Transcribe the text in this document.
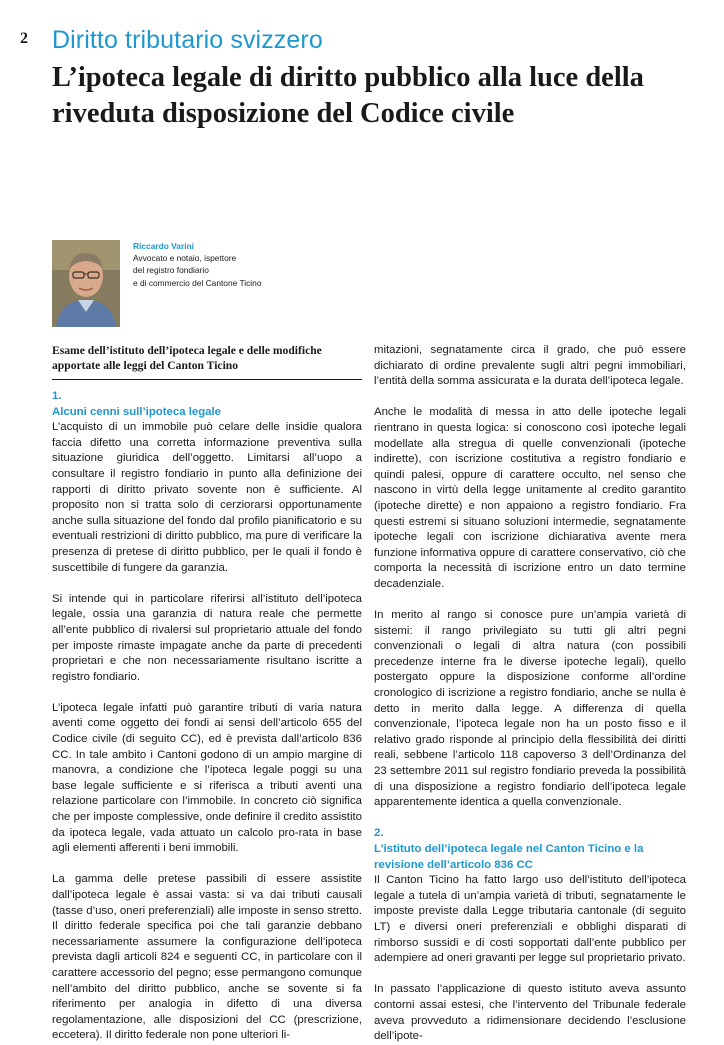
2 Diritto tributario svizzero
L’ipoteca legale di diritto pubblico alla luce della riveduta disposizione del Codice civile
Riccardo Varini
Avvocato e notaio, ispettore
del registro fondiario
e di commercio del Cantone Ticino

Esame dell’istituto dell’ipoteca legale e delle modifiche apportate alle leggi del Canton Ticino

1.
Alcuni cenni sull’ipoteca legale

L’acquisto di un immobile può celare delle insidie qualora faccia difetto una corretta informazione preventiva sulla situazione giuridica dell’oggetto. Limitarsi all’uopo a consultare il registro fondiario in punto alla definizione dei rapporti di diritto privato sovente non è sufficiente. Al proposito non si tratta solo di cerziorarsi opportunamente anche sulla situazione del fondo dal profilo pianificatorio e su eventuali restrizioni di diritto pubblico, ma pure di verificare la presenza di pretese di diritto pubblico, per le quali il fondo è suscettibile di fungere da garanzia.

Si intende qui in particolare riferirsi all’istituto dell’ipoteca legale, ossia una garanzia di natura reale che permette all’ente pubblico di rivalersi sul proprietario attuale del fondo per imposte rimaste impagate anche da parte di precedenti proprietari e che non necessariamente risultano iscritte a registro fondiario.

L’ipoteca legale infatti può garantire tributi di varia natura aventi come oggetto dei fondi ai sensi dell’articolo 655 del Codice civile (di seguito CC), ed è prevista dall’articolo 836 CC. In tale ambito i Cantoni godono di un ampio margine di manovra, a condizione che l’ipoteca legale poggi su una base legale sufficiente e si riferisca a tributi aventi una relazione particolare con l’immobile. In concreto ciò significa che per imposte complessive, onde definire il credito assistito da ipoteca legale, vada attuato un calcolo pro-rata in base agli elementi afferenti i beni immobili.

La gamma delle pretese passibili di essere assistite dall’ipoteca legale è assai vasta: si va dai tributi causali (tasse d’uso, oneri preferenziali) alle imposte in senso stretto. Il diritto federale specifica poi che tali garanzie debbano necessariamente assumere la configurazione dell’ipoteca prevista dagli articoli 824 e seguenti CC, in particolare con il carattere accessorio del pegno; esse permangono comunque nell’ambito del diritto pubblico, anche se sovente si fa riferimento per analogia in difetto di una diversa regolamentazione, alle disposizioni del CC (prescrizione, eccetera). Il diritto federale non pone ulteriori li-

mitazioni, segnatamente circa il grado, che può essere dichiarato di ordine prevalente sugli altri pegni immobiliari, l’entità della somma assicurata e la durata dell’ipoteca legale.

Anche le modalità di messa in atto delle ipoteche legali rientrano in questa logica: si conoscono così ipoteche legali modellate alla stregua di quelle convenzionali (ipoteche indirette), con iscrizione costitutiva a registro fondiario e quindi palesi, oppure di carattere occulto, nel senso che nascono in virtù della legge unitamente al credito garantito (ipoteche dirette) e non appaiono a registro fondiario. Fra questi estremi si situano soluzioni intermedie, segnatamente ipoteche legali con iscrizione dichiarativa avente mera funzione informativa oppure di carattere conservativo, ciò che comporta la necessità di iscrizione entro un dato termine decadenziale.

In merito al rango si conosce pure un’ampia varietà di sistemi: il rango privilegiato su tutti gli altri pegni convenzionali o legali di altra natura (con possibili precedenze interne fra le diverse ipoteche legali), quello postergato oppure la disposizione conforme all’ordine cronologico di iscrizione a registro fondiario, anche se nulla è detto in merito dalla legge. A differenza di quella convenzionale, l’ipoteca legale non ha un posto fisso e il relativo grado risponde al principio della flessibilità dei diritti reali, sebbene l’articolo 118 capoverso 3 dell’Ordinanza del 23 settembre 2011 sul registro fondiario preveda la possibilità di una disposizione a registro fondiario dell’ipoteca legale apparentemente identica a quella convenzionale.

2.
L’istituto dell’ipoteca legale nel Canton Ticino e la revisione dell’articolo 836 CC

Il Canton Ticino ha fatto largo uso dell’istituto dell’ipoteca legale a tutela di un’ampia varietà di tributi, segnatamente le imposte previste dalla Legge tributaria cantonale (di seguito LT) e diversi oneri preferenziali e obblighi disparati di rimborso sussidi e di costi sopportati dall’ente pubblico per adempiere ad oneri gravanti per legge sul proprietario privato.

In passato l’applicazione di questo istituto aveva assunto contorni assai estesi, che l’intervento del Tribunale federale aveva provveduto a ridimensionare decidendo l’esclusione dell’ipote-
